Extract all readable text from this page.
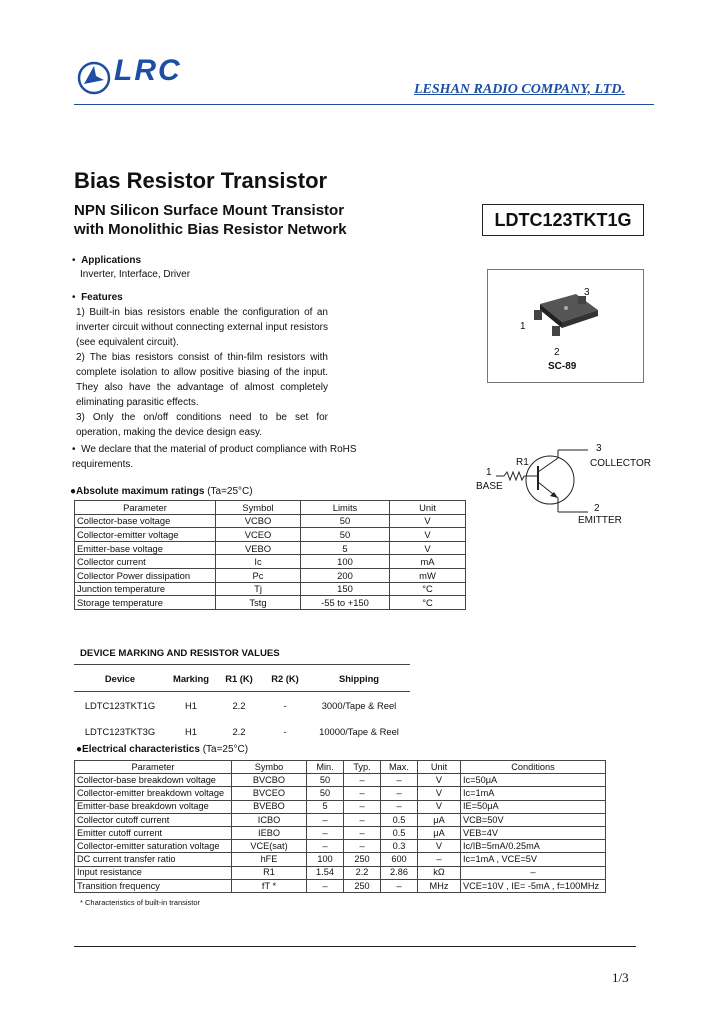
LRC
LESHAN RADIO COMPANY, LTD.
Bias Resistor Transistor
NPN Silicon Surface Mount Transistor
with Monolithic Bias Resistor Network	LDTC123TKT1G
•  Applications
Inverter, Interface, Driver
•  Features
1) Built-in bias resistors enable the configuration of an inverter circuit without connecting external input resistors (see equivalent circuit).
2) The bias resistors consist of thin-film resistors with complete isolation to allow positive biasing of the input. They also have the advantage of almost completely eliminating parasitic effects.
3) Only the on/off conditions need to be set for operation, making the device design easy.
•  We declare that the material of product compliance with RoHS requirements.
3
1
2
SC-89
R1
1
BASE
3
COLLECTOR
2
EMITTER
●Absolute maximum ratings (Ta=25°C)
Parameter	Symbol	Limits	Unit
Collector-base voltage	VCBO	50	V
Collector-emitter voltage	VCEO	50	V
Emitter-base voltage	VEBO	5	V
Collector current	Ic	100	mA
Collector Power dissipation	Pc	200	mW
Junction temperature	Tj	150	°C
Storage temperature	Tstg	-55 to +150	°C
DEVICE MARKING AND RESISTOR VALUES
Device	Marking	R1 (K)	R2 (K)	Shipping
LDTC123TKT1G	H1	2.2	-	3000/Tape & Reel
LDTC123TKT3G	H1	2.2	-	10000/Tape & Reel
●Electrical characteristics (Ta=25°C)
Parameter	Symbo	Min.	Typ.	Max.	Unit	Conditions
Collector-base breakdown voltage	BVCBO	50	–	–	V	Ic=50μA
Collector-emitter breakdown voltage	BVCEO	50	–	–	V	Ic=1mA
Emitter-base breakdown voltage	BVEBO	5	–	–	V	IE=50μA
Collector cutoff current	ICBO	–	–	0.5	μA	VCB=50V
Emitter cutoff current	IEBO	–	–	0.5	μA	VEB=4V
Collector-emitter saturation voltage	VCE(sat)	–	–	0.3	V	Ic/IB=5mA/0.25mA
DC current transfer ratio	hFE	100	250	600	–	Ic=1mA , VCE=5V
Input resistance	R1	1.54	2.2	2.86	kΩ	–
Transition frequency	fT *	–	250	–	MHz	VCE=10V , IE= -5mA , f=100MHz
* Characteristics of built-in transistor
1/3
